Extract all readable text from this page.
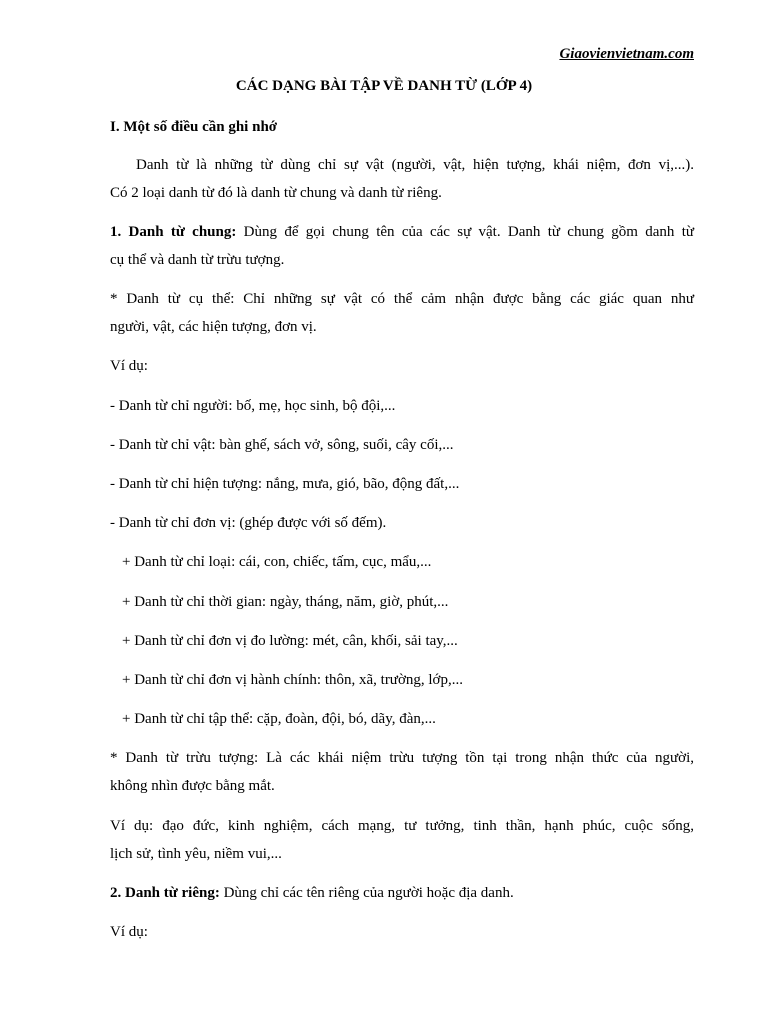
Giaovienvietnam.com
CÁC DẠNG BÀI TẬP VỀ DANH TỪ (LỚP 4)
I. Một số điều cần ghi nhớ
Danh từ là những từ dùng chỉ sự vật (người, vật, hiện tượng, khái niệm, đơn vị,...).
Có 2 loại danh từ đó là danh từ chung và danh từ riêng.
1. Danh từ chung: Dùng để gọi chung tên của các sự vật. Danh từ chung gồm danh từ
cụ thể và danh từ trừu tượng.
* Danh từ cụ thể: Chỉ những sự vật có thể cảm nhận được bằng các giác quan như
người, vật, các hiện tượng, đơn vị.
Ví dụ:
- Danh từ chỉ người: bố, mẹ, học sinh, bộ đội,...
- Danh từ chỉ vật: bàn ghế, sách vở, sông, suối, cây cối,...
- Danh từ chỉ hiện tượng: nắng, mưa, gió, bão, động đất,...
- Danh từ chỉ đơn vị: (ghép được với số đếm).
+ Danh từ chỉ loại: cái, con, chiếc, tấm, cục, mẩu,...
+ Danh từ chỉ thời gian: ngày, tháng, năm, giờ, phút,...
+ Danh từ chỉ đơn vị đo lường: mét, cân, khối, sải tay,...
+ Danh từ chỉ đơn vị hành chính: thôn, xã, trường, lớp,...
+ Danh từ chỉ tập thể: cặp, đoàn, đội, bó, dãy, đàn,...
* Danh từ trừu tượng: Là các khái niệm trừu tượng tồn tại trong nhận thức của người,
không nhìn được bằng mắt.
Ví dụ: đạo đức, kinh nghiệm, cách mạng, tư tưởng, tinh thần, hạnh phúc, cuộc sống,
lịch sử, tình yêu, niềm vui,...
2. Danh từ riêng: Dùng chỉ các tên riêng của người hoặc địa danh.
Ví dụ:
